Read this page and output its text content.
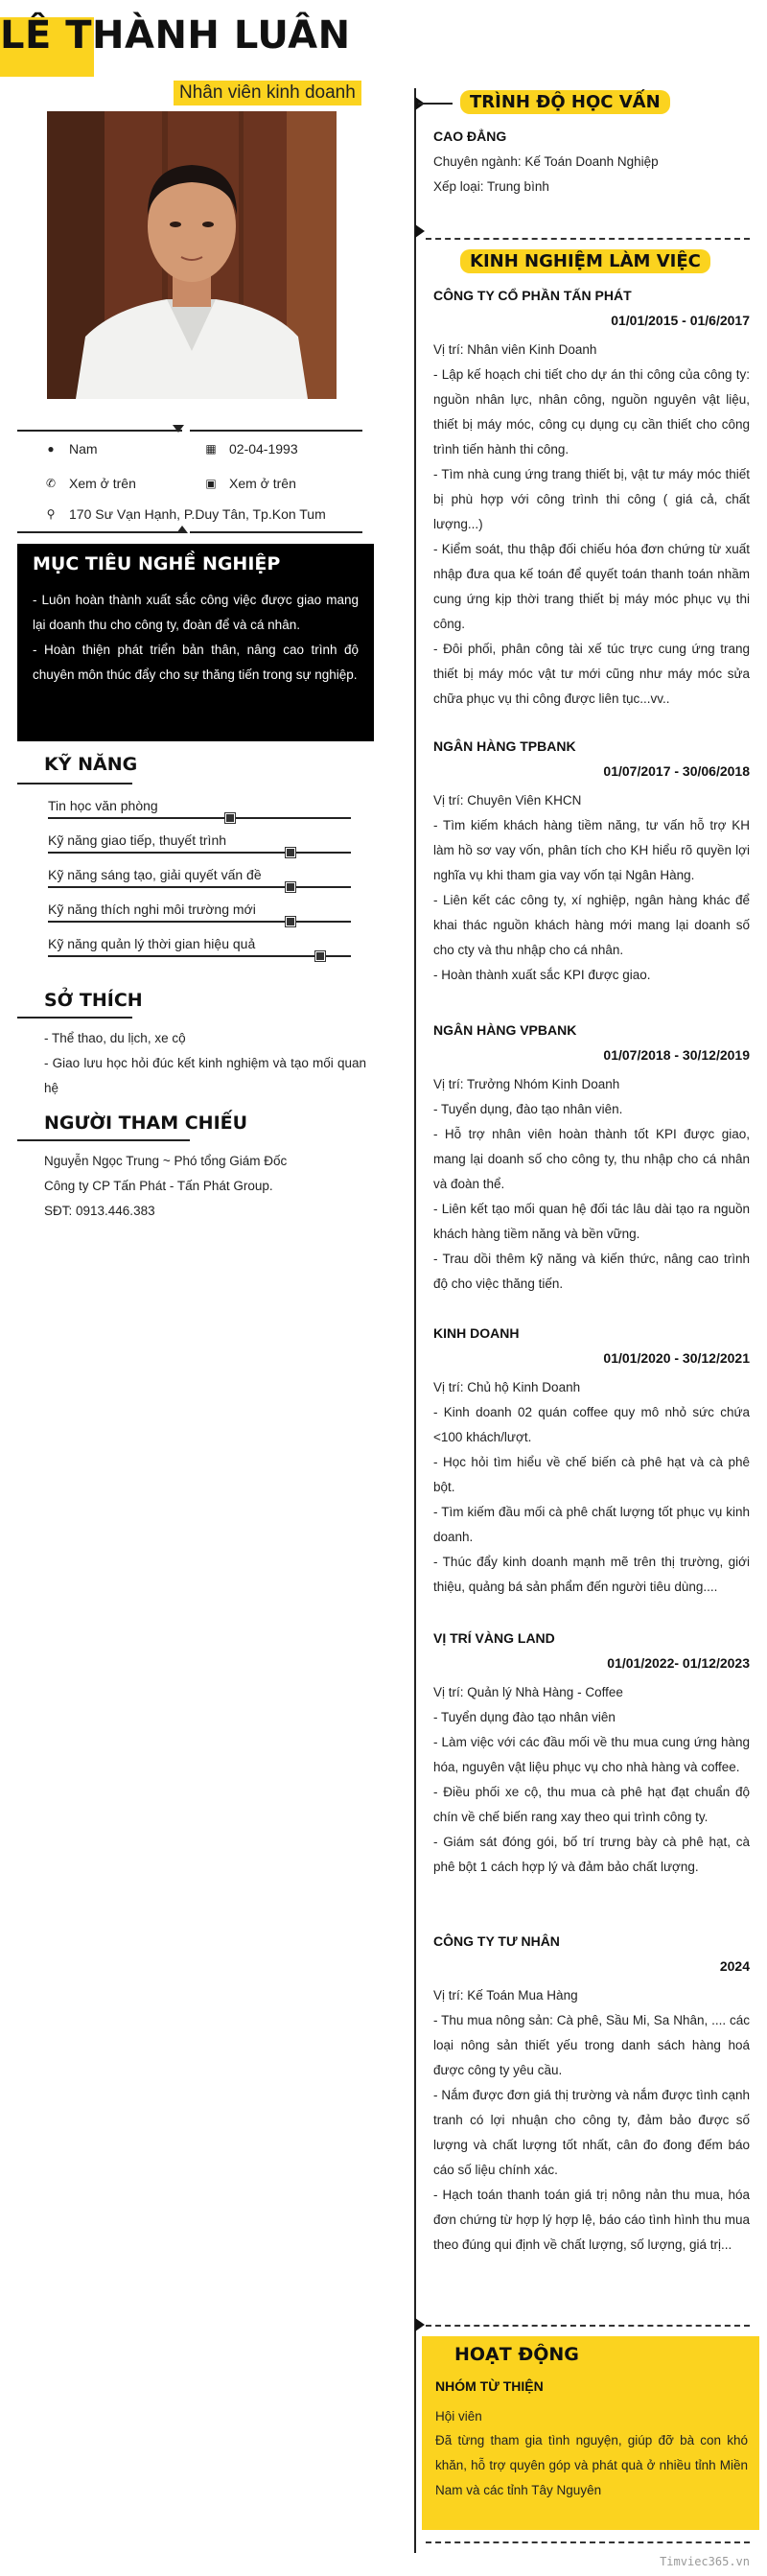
LÊ THÀNH LUÂN
Nhân viên kinh doanh
● Nam	▦ 02-04-1993
✆ Xem ở trên	▣ Xem ở trên
⚲ 170 Sư Vạn Hạnh, P.Duy Tân, Tp.Kon Tum
MỤC TIÊU NGHỀ NGHIỆP

- Luôn hoàn thành xuất sắc công việc được giao mang lại doanh thu cho công ty, đoàn để và cá nhân.

- Hoàn thiện phát triển bản thân, nâng cao trình độ chuyên môn thúc đẩy cho sự thăng tiến trong sự nghiệp.

KỸ NĂNG
Tin học văn phòng
Kỹ năng giao tiếp, thuyết trình
Kỹ năng sáng tạo, giải quyết vấn đề
Kỹ năng thích nghi môi trường mới
Kỹ năng quản lý thời gian hiệu quả
SỞ THÍCH
- Thể thao, du lịch, xe cộ
- Giao lưu học hỏi đúc kết kinh nghiệm và tạo mối quan hệ
NGƯỜI THAM CHIẾU
Nguyễn Ngọc Trung ~ Phó tổng Giám Đốc
Công ty CP Tấn Phát - Tấn Phát Group.
SĐT: 0913.446.383
TRÌNH ĐỘ HỌC VẤN
CAO ĐẲNG
Chuyên ngành: Kế Toán Doanh Nghiệp
Xếp loại: Trung bình
KINH NGHIỆM LÀM VIỆC
CÔNG TY CỔ PHẦN TẤN PHÁT
01/01/2015 - 01/6/2017
Vị trí: Nhân viên Kinh Doanh
- Lập kế hoạch chi tiết cho dự án thi công của công ty: nguồn nhân lực, nhân công, nguồn nguyên vật liệu, thiết bị máy móc, công cụ dụng cụ cần thiết cho công trình tiến hành thi công.
- Tìm nhà cung ứng trang thiết bị, vật tư máy móc thiết bị phù hợp với công trình thi công ( giá cả, chất lượng...)
- Kiểm soát, thu thập đối chiếu hóa đơn chứng từ xuất nhập đưa qua kế toán để quyết toán thanh toán nhầm cung ứng kịp thời trang thiết bị máy móc phục vụ thi công.
- Đôi phối, phân công tài xế túc trực cung ứng trang thiết bị máy móc vật tư mới cũng như máy móc sửa chữa phục vụ thi công được liên tục...vv..
NGÂN HÀNG TPBANK
01/07/2017 - 30/06/2018
Vị trí: Chuyên Viên KHCN
- Tìm kiếm khách hàng tiềm năng, tư vấn hỗ trợ KH làm hồ sơ vay vốn, phân tích cho KH hiểu rõ quyền lợi nghĩa vụ khi tham gia vay vốn tại Ngân Hàng.
- Liên kết các công ty, xí nghiệp, ngân hàng khác để khai thác nguồn khách hàng mới mang lại doanh số cho cty và thu nhập cho cá nhân.
- Hoàn thành xuất sắc KPI được giao.
NGÂN HÀNG VPBANK
01/07/2018 - 30/12/2019
Vị trí: Trưởng Nhóm Kinh Doanh
- Tuyển dụng, đào tạo nhân viên.
- Hỗ trợ nhân viên hoàn thành tốt KPI được giao, mang lại doanh số cho công ty, thu nhập cho cá nhân và đoàn thể.
- Liên kết tạo mối quan hệ đối tác lâu dài tạo ra nguồn khách hàng tiềm năng và bền vững.
- Trau dồi thêm kỹ năng và kiến thức, nâng cao trình độ cho việc thăng tiến.
KINH DOANH
01/01/2020 - 30/12/2021
Vị trí: Chủ hộ Kinh Doanh
- Kinh doanh 02 quán coffee quy mô nhỏ sức chứa <100 khách/lượt.
- Học hỏi tìm hiểu về chế biến cà phê hạt và cà phê bột.
- Tìm kiếm đầu mối cà phê chất lượng tốt phục vụ kinh doanh.
- Thúc đẩy kinh doanh mạnh mẽ trên thị trường, giới thiệu, quảng bá sản phẩm đến người tiêu dùng....
VỊ TRÍ VÀNG LAND
01/01/2022- 01/12/2023
Vị trí: Quản lý Nhà Hàng - Coffee
- Tuyển dụng đào tạo nhân viên
- Làm việc với các đầu mối về thu mua cung ứng hàng hóa, nguyên vật liệu phục vụ cho nhà hàng và coffee.
- Điều phối xe cộ, thu mua cà phê hạt đạt chuẩn độ chín về chế biến rang xay theo qui trình công ty.
- Giám sát đóng gói, bố trí trưng bày cà phê hạt, cà phê bột 1 cách hợp lý và đảm bảo chất lượng.
CÔNG TY TƯ NHÂN
2024
Vị trí: Kế Toán Mua Hàng
- Thu mua nông sản: Cà phê, Sầu Mi, Sa Nhân, .... các loại nông sản thiết yếu trong danh sách hàng hoá được công ty yêu cầu.
- Nắm được đơn giá thị trường và nắm được tình cạnh tranh có lợi nhuận cho công ty, đảm bảo được số lượng và chất lượng tốt nhất, cân đo đong đếm báo cáo số liệu chính xác.
- Hạch toán thanh toán giá trị nông nản thu mua, hóa đơn chứng từ hợp lý hợp lệ, báo cáo tình hình thu mua theo đúng qui định về chất lượng, số lượng, giá trị...
HOẠT ĐỘNG
NHÓM TỪ THIỆN
Hội viên
Đã từng tham gia tình nguyện, giúp đỡ bà con khó khăn, hỗ trợ quyên góp và phát quà ở nhiều tỉnh Miền Nam và các tỉnh Tây Nguyên
Timviec365.vn
